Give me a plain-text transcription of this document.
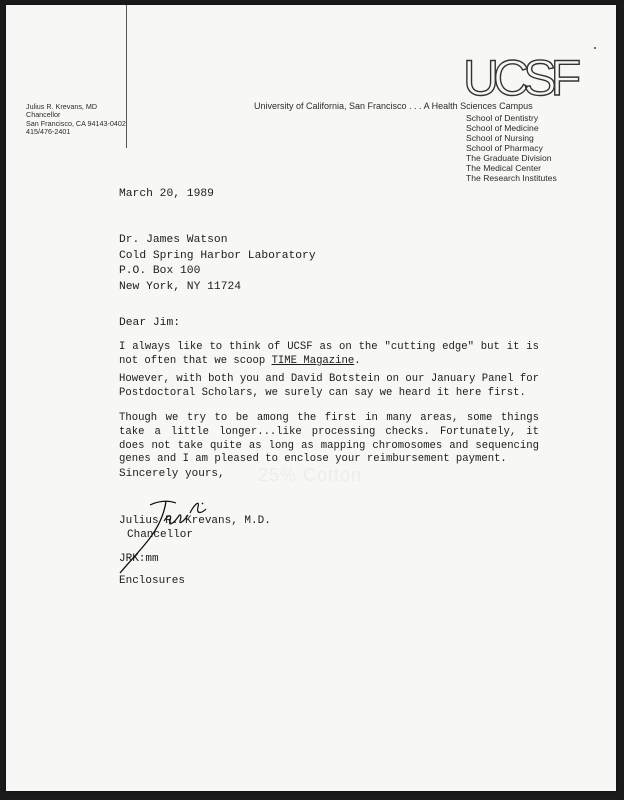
Julius R. Krevans, MD
Chancellor
San Francisco, CA 94143-0402
415/476-2401
University of California, San Francisco . . . A Health Sciences Campus
UCSF
School of Dentistry
School of Medicine
School of Nursing
School of Pharmacy
The Graduate Division
The Medical Center
The Research Institutes
March 20, 1989
Dr. James Watson
Cold Spring Harbor Laboratory
P.O. Box 100
New York, NY 11724
Dear Jim:
I always like to think of UCSF as on the "cutting edge" but it is not often that we scoop TIME Magazine.
However, with both you and David Botstein on our January Panel for Postdoctoral Scholars, we surely can say we heard it here first.
Though we try to be among the first in many areas, some things take a little longer...like processing checks. Fortunately, it does not take quite as long as mapping chromosomes and sequencing genes and I am pleased to enclose your reimbursement payment.
Sincerely yours,
Julius R. Krevans, M.D.
Chancellor
JRK:mm
Enclosures
